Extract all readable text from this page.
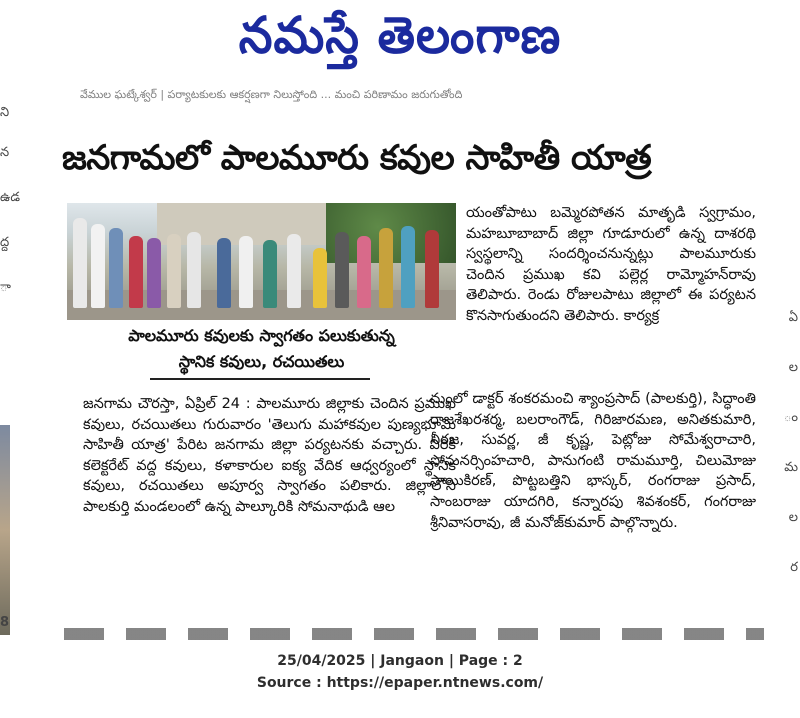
నమస్తే తెలంగాణ
వేముల ఘట్కేశ్వర్ | పర్యాటకులకు ఆకర్షణగా నిలుస్తోంది ... మంచి పరిణామం జరుగుతోంది
ని
న
ఉడ
ద్ద
ా
8
ఏ
ల
ం
మ
ల
ర
జనగామలో పాలమూరు కవుల సాహితీ యాత్ర
పాలమూరు కవులకు స్వాగతం పలుకుతున్న
స్థానిక కవులు, రచయితలు

జనగామ చౌరస్తా, ఏప్రిల్ 24 : పాలమూరు జిల్లాకు చెందిన ప్రముఖ కవులు, రచయితలు గురువారం 'తెలుగు మహాకవుల పుణ్యభూమి సాహితీ యాత్ర' పేరిట జనగామ జిల్లా పర్యటనకు వచ్చారు. వీరికి కలెక్టరేట్ వద్ద కవులు, కళాకారుల ఐక్య వేదిక ఆధ్వర్యంలో స్థానిక కవులు, రచయితలు అపూర్వ స్వాగతం పలికారు. జిల్లాలోని పాలకుర్తి మండలంలో ఉన్న పాల్కూరికి సోమనాథుడి ఆల

యంతోపాటు బమ్మెరపోతన మాతృడి స్వగ్రామం, మహబూబాబాద్ జిల్లా గూడూరులో ఉన్న దాశరథి స్వస్థలాన్ని సందర్శించనున్నట్లు పాలమూరుకు చెందిన ప్రముఖ కవి పల్లెర్ల రామ్మోహన్‌రావు తెలిపారు. రెండు రోజులపాటు జిల్లాలో ఈ పర్యటన కొనసాగుతుందని తెలిపారు. కార్యక్ర

మంలో డాక్టర్ శంకరమంచి శ్యాంప్రసాద్ (పాలకుర్తి), సిద్ధాంతి రాజశేఖరశర్మ, బలరాంగౌడ్, గిరిజారమణ, అనితకుమారి, నీరజ, సువర్ణ, జీ కృష్ణ, పెట్లోజు సోమేశ్వరాచారి, సోమనర్సింహచారి, పానుగంటి రామమూర్తి, చిలుమోజు సాయికిరణ్, పొట్టబత్తిని భాస్కర్, రంగరాజు ప్రసాద్, సాంబరాజు యాదగిరి, కన్నారపు శివశంకర్, గంగరాజు శ్రీనివాసరావు, జీ మనోజ్‌కుమార్ పాల్గొన్నారు.

25/04/2025 | Jangaon | Page : 2
Source : https://epaper.ntnews.com/
